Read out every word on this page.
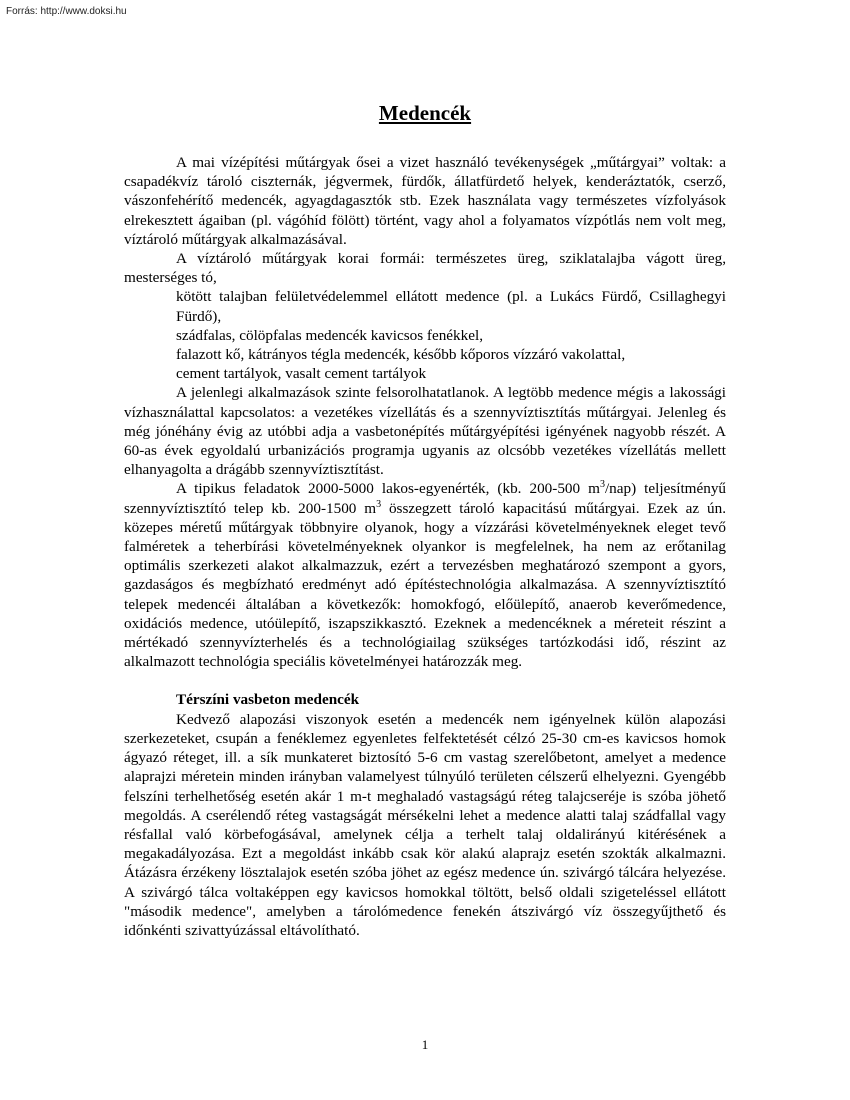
Forrás: http://www.doksi.hu
Medencék

A mai vízépítési műtárgyak ősei a vizet használó tevékenységek „műtárgyai” voltak: a csapadékvíz tároló ciszternák, jégvermek, fürdők, állatfürdető helyek, kenderáztatók, cserző, vászonfehérítő medencék, agyagdagasztók stb. Ezek használata vagy természetes vízfolyások elrekesztett ágaiban (pl. vágóhíd fölött) történt, vagy ahol a folyamatos vízpótlás nem volt meg, víztároló műtárgyak alkalmazásával.

A víztároló műtárgyak korai formái: természetes üreg, sziklatalajba vágott üreg, mesterséges tó,

kötött talajban felületvédelemmel ellátott medence (pl. a Lukács Fürdő, Csillaghegyi Fürdő),

szádfalas, cölöpfalas medencék kavicsos fenékkel,

falazott kő, kátrányos tégla medencék, később kőporos vízzáró vakolattal,

cement tartályok, vasalt cement tartályok

A jelenlegi alkalmazások szinte felsorolhatatlanok. A legtöbb medence mégis a lakossági vízhasználattal kapcsolatos: a vezetékes vízellátás és a szennyvíztisztítás műtárgyai. Jelenleg és még jónéhány évig az utóbbi adja a vasbetonépítés műtárgyépítési igényének nagyobb részét. A 60-as évek egyoldalú urbanizációs programja ugyanis az olcsóbb vezetékes vízellátás mellett elhanyagolta a drágább szennyvíztisztítást.

A tipikus feladatok 2000-5000 lakos-egyenérték, (kb. 200-500 $m^3/nap$) teljesítményű szennyvíztisztító telep kb. 200-1500 $m^3$ összegzett tároló kapacitású műtárgyai. Ezek az ún. közepes méretű műtárgyak többnyire olyanok, hogy a vízzárási követelményeknek eleget tevő falméretek a teherbírási követelményeknek olyankor is megfelelnek, ha nem az erőtanilag optimális szerkezeti alakot alkalmazzuk, ezért a tervezésben meghatározó szempont a gyors, gazdaságos és megbízható eredményt adó építéstechnológia alkalmazása. A szennyvíztisztító telepek medencéi általában a következők: homokfogó, előülepítő, anaerob keverőmedence, oxidációs medence, utóülepítő, iszapszikkasztó. Ezeknek a medencéknek a méreteit részint a mértékadó szennyvízterhelés és a technológiailag szükséges tartózkodási idő, részint az alkalmazott technológia speciális követelményei határozzák meg.

Térszíni vasbeton medencék

Kedvező alapozási viszonyok esetén a medencék nem igényelnek külön alapozási szerkezeteket, csupán a fenéklemez egyenletes felfektetését célzó 25-30 cm-es kavicsos homok ágyazó réteget, ill. a sík munkateret biztosító 5-6 cm vastag szerelőbetont, amelyet a medence alaprajzi méretein minden irányban valamelyest túlnyúló területen célszerű elhelyezni. Gyengébb felszíni terhelhetőség esetén akár 1 m-t meghaladó vastagságú réteg talajcseréje is szóba jöhető megoldás. A cserélendő réteg vastagságát mérsékelni lehet a medence alatti talaj szádfallal vagy résfallal való körbefogásával, amelynek célja a terhelt talaj oldalirányú kitérésének a megakadályozása. Ezt a megoldást inkább csak kör alakú alaprajz esetén szokták alkalmazni. Átázásra érzékeny lösztalajok esetén szóba jöhet az egész medence ún. szivárgó tálcára helyezése. A szivárgó tálca voltaképpen egy kavicsos homokkal töltött, belső oldali szigeteléssel ellátott "második medence", amelyben a tárolómedence fenekén átszivárgó víz összegyűjthető és időnkénti szivattyúzással eltávolítható.

1
